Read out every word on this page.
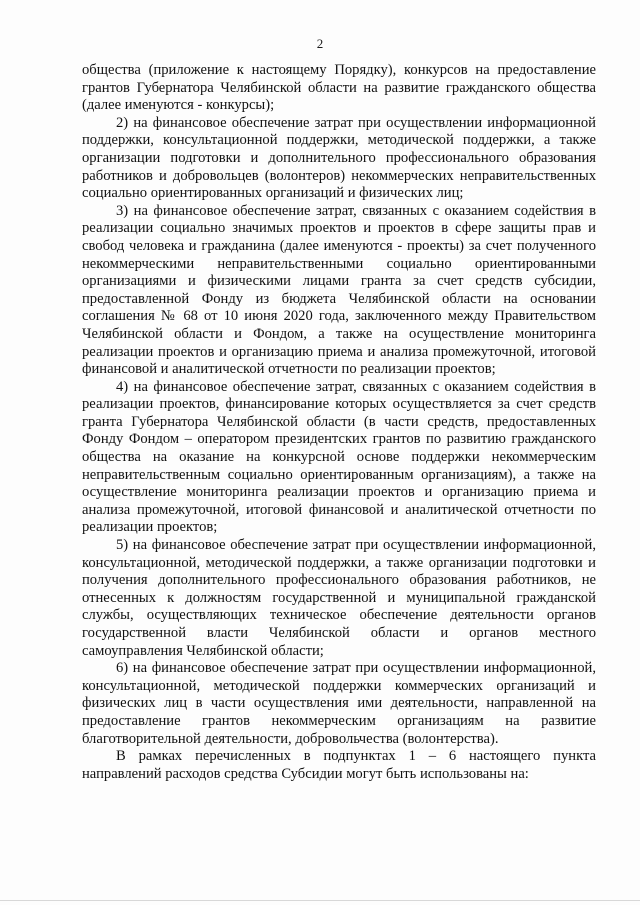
2

общества (приложение к настоящему Порядку), конкурсов на предоставление грантов Губернатора Челябинской области на развитие гражданского общества (далее именуются - конкурсы);

2) на финансовое обеспечение затрат при осуществлении информационной поддержки, консультационной поддержки, методической поддержки, а также организации подготовки и дополнительного профессионального образования работников и добровольцев (волонтеров) некоммерческих неправительственных социально ориентированных организаций и физических лиц;

3) на финансовое обеспечение затрат, связанных с оказанием содействия в реализации социально значимых проектов и проектов в сфере защиты прав и свобод человека и гражданина (далее именуются - проекты) за счет полученного некоммерческими неправительственными социально ориентированными организациями и физическими лицами гранта за счет средств субсидии, предоставленной Фонду из бюджета Челябинской области на основании соглашения № 68 от 10 июня 2020 года, заключенного между Правительством Челябинской области и Фондом, а также на осуществление мониторинга реализации проектов и организацию приема и анализа промежуточной, итоговой финансовой и аналитической отчетности по реализации проектов;

4) на финансовое обеспечение затрат, связанных с оказанием содействия в реализации проектов, финансирование которых осуществляется за счет средств гранта Губернатора Челябинской области (в части средств, предоставленных Фонду Фондом – оператором президентских грантов по развитию гражданского общества на оказание на конкурсной основе поддержки некоммерческим неправительственным социально ориентированным организациям), а также на осуществление мониторинга реализации проектов и организацию приема и анализа промежуточной, итоговой финансовой и аналитической отчетности по реализации проектов;

5) на финансовое обеспечение затрат при осуществлении информационной, консультационной, методической поддержки, а также организации подготовки и получения дополнительного профессионального образования работников, не отнесенных к должностям государственной и муниципальной гражданской службы, осуществляющих техническое обеспечение деятельности органов государственной власти Челябинской области и органов местного самоуправления Челябинской области;

6) на финансовое обеспечение затрат при осуществлении информационной, консультационной, методической поддержки коммерческих организаций и физических лиц в части осуществления ими деятельности, направленной на предоставление грантов некоммерческим организациям на развитие благотворительной деятельности, добровольчества (волонтерства).

В рамках перечисленных в подпунктах 1 – 6 настоящего пункта направлений расходов средства Субсидии могут быть использованы на:
